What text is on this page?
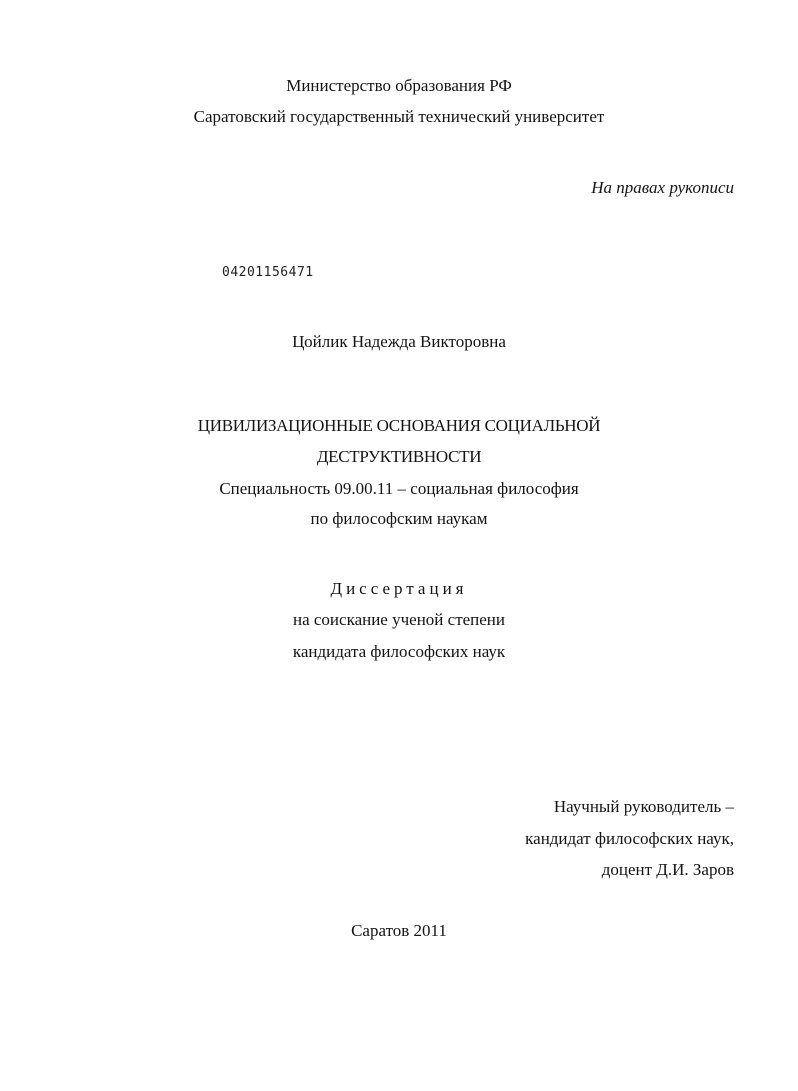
Министерство образования РФ
Саратовский государственный технический университет
На правах рукописи
04201156471
Цойлик Надежда Викторовна
ЦИВИЛИЗАЦИОННЫЕ ОСНОВАНИЯ СОЦИАЛЬНОЙ
ДЕСТРУКТИВНОСТИ
Специальность 09.00.11 – социальная философия
по философским наукам
Диссертация
на соискание ученой степени
кандидата философских наук
Научный руководитель –
кандидат философских наук,
доцент Д.И. Заров
Саратов 2011
